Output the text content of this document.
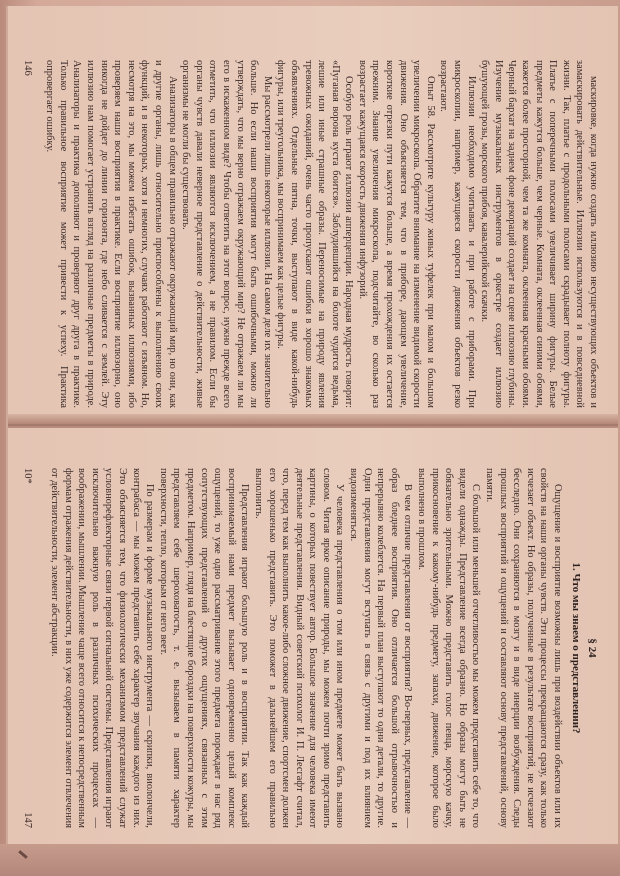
маскировке, когда нужно создать иллюзию несуществующих объектов и замаскировать действительные. Иллюзии используются и в повседневной жизни. Так, платье с продольными полосами скрадывает полноту фигуры. Платье с поперечными полосами увеличивает ширину фигуры. Белые предметы кажутся больше, чем черные. Комната, оклеенная синими обоями, кажется более просторной, чем та же комната, оклеенная красными обоями. Черный бархат на заднем фоне декораций создает на сцене иллюзию глубины. Изучение музыкальных инструментов в оркестре создает иллюзию бушующей грозы, морского прибоя, кавалерийской скачки.

Иллюзии необходимо учитывать и при работе с приборами. При микроскопии, например, кажущиеся скорости движения объектов резко возрастают.

Опыт 58. Рассмотрите культуру живых туфелек при малом и большом увеличении микроскопа. Обратите внимание на изменение видимой скорости движения. Оно объясняется тем, что в приборе, дающем увеличение, короткие отрезки пути кажутся больше, а время прохождения их остается прежним. Знание увеличения микроскопа, подсчитайте, во сколько раз возрастает кажущаяся скорость движения инфузорий.

Особую роль играют иллюзии апперцепции. Народная мудрость говорит: «Пуганая ворона куста боится». Заблудившийся на болоте чудится ведьма, лешие или иные страшные образы. Переносимые на природу явления тревожных ожиданий, очень часто пропускают ошибки в хорошо знакомых объявлениях. Отдельные пятна, точки, выступают в виде какой-нибудь фигуры, или треугольника, мы воспринимаем как целые фигуры.

Мы рассмотрели лишь некоторые иллюзии. На самом деле их значительно больше. Но если наши восприятия могут быть ошибочными, можно ли утверждать, что мы верно отражаем окружающий мир? Не отражаем ли мы его в искаженном виде? Чтобы ответить на этот вопрос, нужно прежде всего отметить, что иллюзии являются исключением, а не правилом. Если бы органы чувств давали неверное представление о действительности, живые организмы не могли бы существовать.

Анализаторы в общем правильно отражают окружающий мир, но они, как и другие органы, лишь относительно приспособлены к выполнению своих функций, и в некоторых, хотя и немногих, случаях работают с изъяном. Но, несмотря на это, мы можем избегать ошибок, вызванных иллюзиями, ибо проверяем наши восприятия в практике. Если восприятие иллюзорно, оно никогда не дойдет до линии горизонта, где небо сливается с землей. Эту иллюзию нам помогает устранить взгляд на различные предметы в природе. Анализаторы и практика дополняют и проверяют друг друга в практике. Только правильное восприятие может привести к успеху. Практика опровергает ошибку.

146
§ 24
1. Что мы знаем о представлении?

Ощущение и восприятие возможны лишь при воздействии объектов или их свойств на наши органы чувств. Эти процессы прекращаются сразу, как только исчезает объект. Но образы, полученные в результате восприятий, не исчезают бесследно. Они сохраняются в мозгу и в виде инерции возбуждения. Следы прошлых восприятий и ощущений и составляют основу представлений, основу памяти.

С большой или меньшей отчетливостью мы можем представить себе то, что видели однажды. Представление всегда образно. Но образы могут быть не обязательно зрительными. Можно представить голос певца, морскую качку, прикосновение к какому-нибудь предмету, запахи, движение, которое было выполнено в прошлом.

В чем отличие представления от восприятия? Во-первых, представление — образ бледнее восприятия. Оно отличается большой отрывочностью и непрерывно колеблется. На первый план выступают то одни детали, то другие. Одни представления могут вступать в связь с другими и под их влиянием видоизменяться.

У человека представления о том или ином предмете может быть вызвано словом. Читая яркое описание природы, мы можем почти зримо представить картины, о которых повествует автор. Большое значение для человека имеют деятельные представления. Видный советский психолог И. П. Лесгафт считал, что, перед тем как выполнить какое-либо сложное движение, спортсмен должен его хорошенько представить. Это поможет в дальнейшем его правильно выполнить.

Представления играют большую роль и в восприятии. Так как каждый воспринимаемый нами предмет вызывает одновременно целый комплекс ощущений, то уже одно рассматривание этого предмета порождает в нас ряд сопутствующих представлений о других ощущениях, связанных с этим предметом. Например, глядя на блестящие бороздки на поверхности кожуры, мы представляем себе шероховатость, т. е. вызываем в памяти характер поверхности, тепло, которым от него веет.

По размерам и форме музыкального инструмента — скрипки, виолончели, контрабаса — мы можем представить себе характер звучания каждого из них. Это объясняется тем, что физиологически механизмом представлений служат условнорефлекторные связи первой сигнальной системы. Представления играют исключительно важную роль в различных психических процессах — воображении, мышлении. Мышление чаще всего относится к непосредственным формам отражения действительности, в них уже содержится элемент отвлечения от действительности, элемент абстракции.

10*
147
